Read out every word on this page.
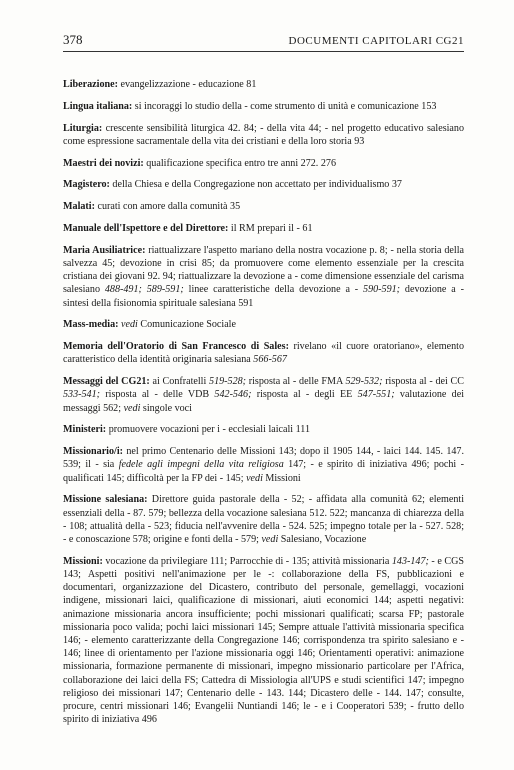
378	DOCUMENTI CAPITOLARI CG21

Liberazione: evangelizzazione - educazione 81

Lingua italiana: si incoraggi lo studio della - come strumento di unità e comunicazione 153

Liturgia: crescente sensibilità liturgica 42. 84; - della vita 44; - nel progetto educativo salesiano come espressione sacramentale della vita dei cristiani e della loro storia 93

Maestri dei novizi: qualificazione specifica entro tre anni 272. 276

Magistero: della Chiesa e della Congregazione non accettato per individualismo 37

Malati: curati con amore dalla comunità 35

Manuale dell'Ispettore e del Direttore: il RM prepari il - 61

Maria Ausiliatrice: riattualizzare l'aspetto mariano della nostra vocazione p. 8; - nella storia della salvezza 45; devozione in crisi 85; da promuovere come elemento essenziale per la crescita cristiana dei giovani 92. 94; riattualizzare la devozione a - come dimensione essenziale del carisma salesiano 488-491; 589-591; linee caratteristiche della devozione a - 590-591; devozione a - sintesi della fisionomia spirituale salesiana 591

Mass-media: vedi Comunicazione Sociale

Memoria dell'Oratorio di San Francesco di Sales: rivelano «il cuore oratoriano», elemento caratteristico della identità originaria salesiana 566-567

Messaggi del CG21: ai Confratelli 519-528; risposta al - delle FMA 529-532; risposta al - dei CC 533-541; risposta al - delle VDB 542-546; risposta al - degli EE 547-551; valutazione dei messaggi 562; vedi singole voci

Ministeri: promuovere vocazioni per i - ecclesiali laicali 111

Missionario/i: nel primo Centenario delle Missioni 143; dopo il 1905 144, - laici 144. 145. 147. 539; il - sia fedele agli impegni della vita religiosa 147; - e spirito di iniziativa 496; pochi - qualificati 145; difficoltà per la FP dei - 145; vedi Missioni

Missione salesiana: Direttore guida pastorale della - 52; - affidata alla comunità 62; elementi essenziali della - 87. 579; bellezza della vocazione salesiana 512. 522; mancanza di chiarezza della - 108; attualità della - 523; fiducia nell'avvenire della - 524. 525; impegno totale per la - 527. 528; - e conoscazione 578; origine e fonti della - 579; vedi Salesiano, Vocazione

Missioni: vocazione da privilegiare 111; Parrocchie di - 135; attività missionaria 143-147; - e CGS 143; Aspetti positivi nell'animazione per le -: collaborazione della FS, pubblicazioni e documentari, organizzazione del Dicastero, contributo del personale, gemellaggi, vocazioni indigene, missionari laici, qualificazione di missionari, aiuti economici 144; aspetti negativi: animazione missionaria ancora insufficiente; pochi missionari qualificati; scarsa FP; pastorale missionaria poco valida; pochi laici missionari 145; Sempre attuale l'attività missionaria specifica 146; - elemento caratterizzante della Congregazione 146; corrispondenza tra spirito salesiano e - 146; linee di orientamento per l'azione missionaria oggi 146; Orientamenti operativi: animazione missionaria, formazione permanente di missionari, impegno missionario particolare per l'Africa, collaborazione dei laici della FS; Cattedra di Missiologia all'UPS e studi scientifici 147; impegno religioso dei missionari 147; Centenario delle - 143. 144; Dicastero delle - 144. 147; consulte, procure, centri missionari 146; Evangelii Nuntiandi 146; le - e i Cooperatori 539; - frutto dello spirito di iniziativa 496
